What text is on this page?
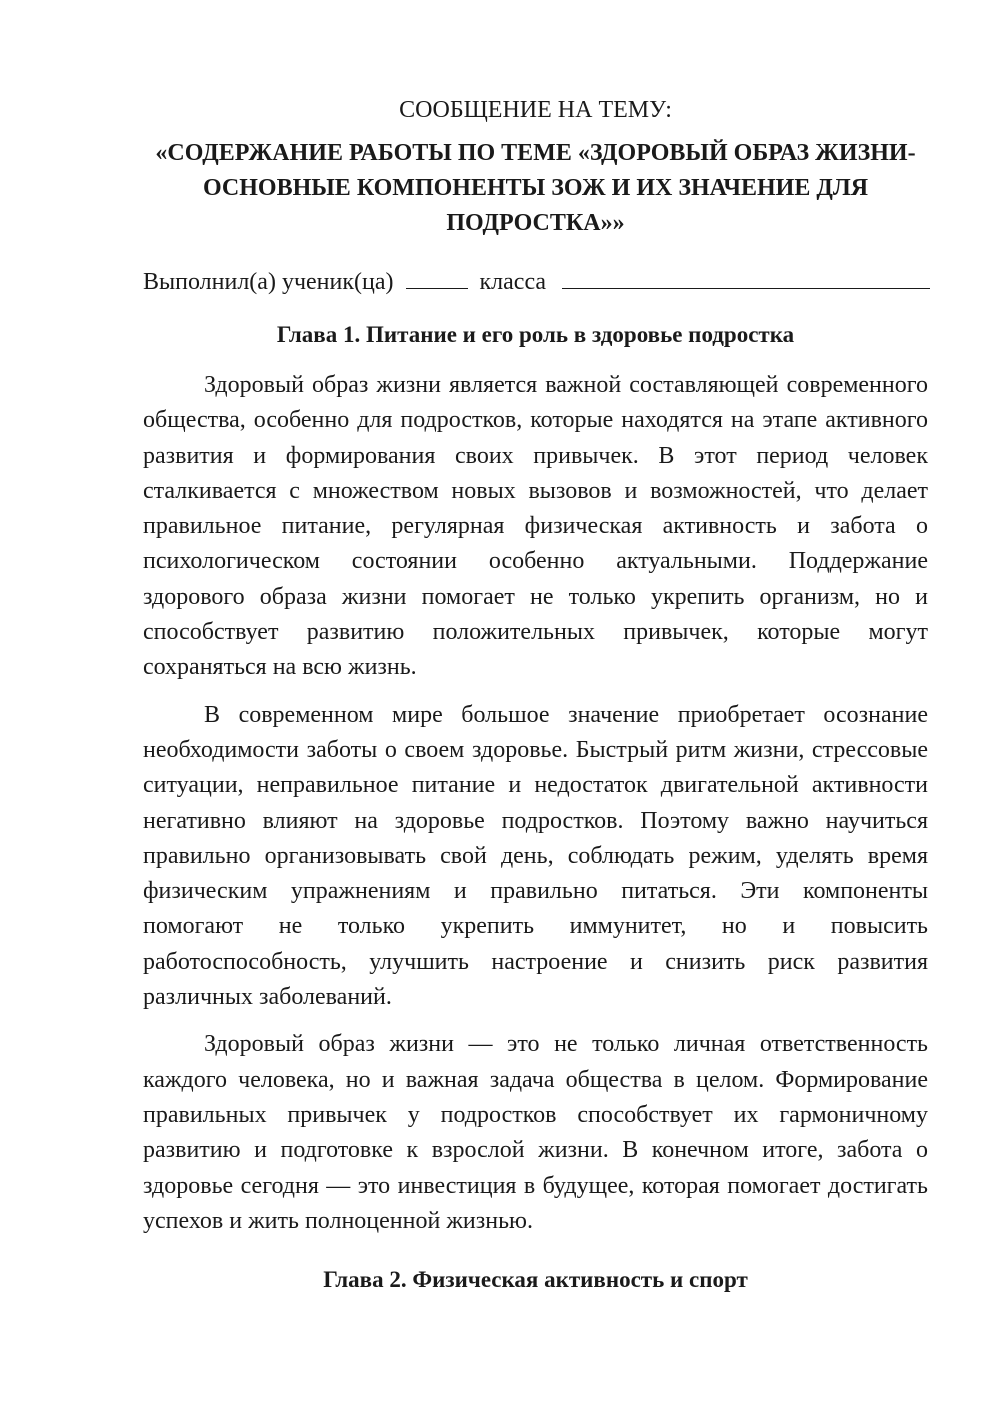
СООБЩЕНИЕ НА ТЕМУ:
«СОДЕРЖАНИЕ РАБОТЫ ПО ТЕМЕ «ЗДОРОВЫЙ ОБРАЗ ЖИЗНИ- ОСНОВНЫЕ КОМПОНЕНТЫ ЗОЖ И ИХ ЗНАЧЕНИЕ ДЛЯ ПОДРОСТКА»»
Выполнил(а) ученик(ца)	класса
Глава 1. Питание и его роль в здоровье подростка

Здоровый образ жизни является важной составляющей современного общества, особенно для подростков, которые находятся на этапе активного развития и формирования своих привычек. В этот период человек сталкивается с множеством новых вызовов и возможностей, что делает правильное питание, регулярная физическая активность и забота о психологическом состоянии особенно актуальными. Поддержание здорового образа жизни помогает не только укрепить организм, но и способствует развитию положительных привычек, которые могут сохраняться на всю жизнь.

В современном мире большое значение приобретает осознание необходимости заботы о своем здоровье. Быстрый ритм жизни, стрессовые ситуации, неправильное питание и недостаток двигательной активности негативно влияют на здоровье подростков. Поэтому важно научиться правильно организовывать свой день, соблюдать режим, уделять время физическим упражнениям и правильно питаться. Эти компоненты помогают не только укрепить иммунитет, но и повысить работоспособность, улучшить настроение и снизить риск развития различных заболеваний.

Здоровый образ жизни — это не только личная ответственность каждого человека, но и важная задача общества в целом. Формирование правильных привычек у подростков способствует их гармоничному развитию и подготовке к взрослой жизни. В конечном итоге, забота о здоровье сегодня — это инвестиция в будущее, которая помогает достигать успехов и жить полноценной жизнью.

Глава 2. Физическая активность и спорт
